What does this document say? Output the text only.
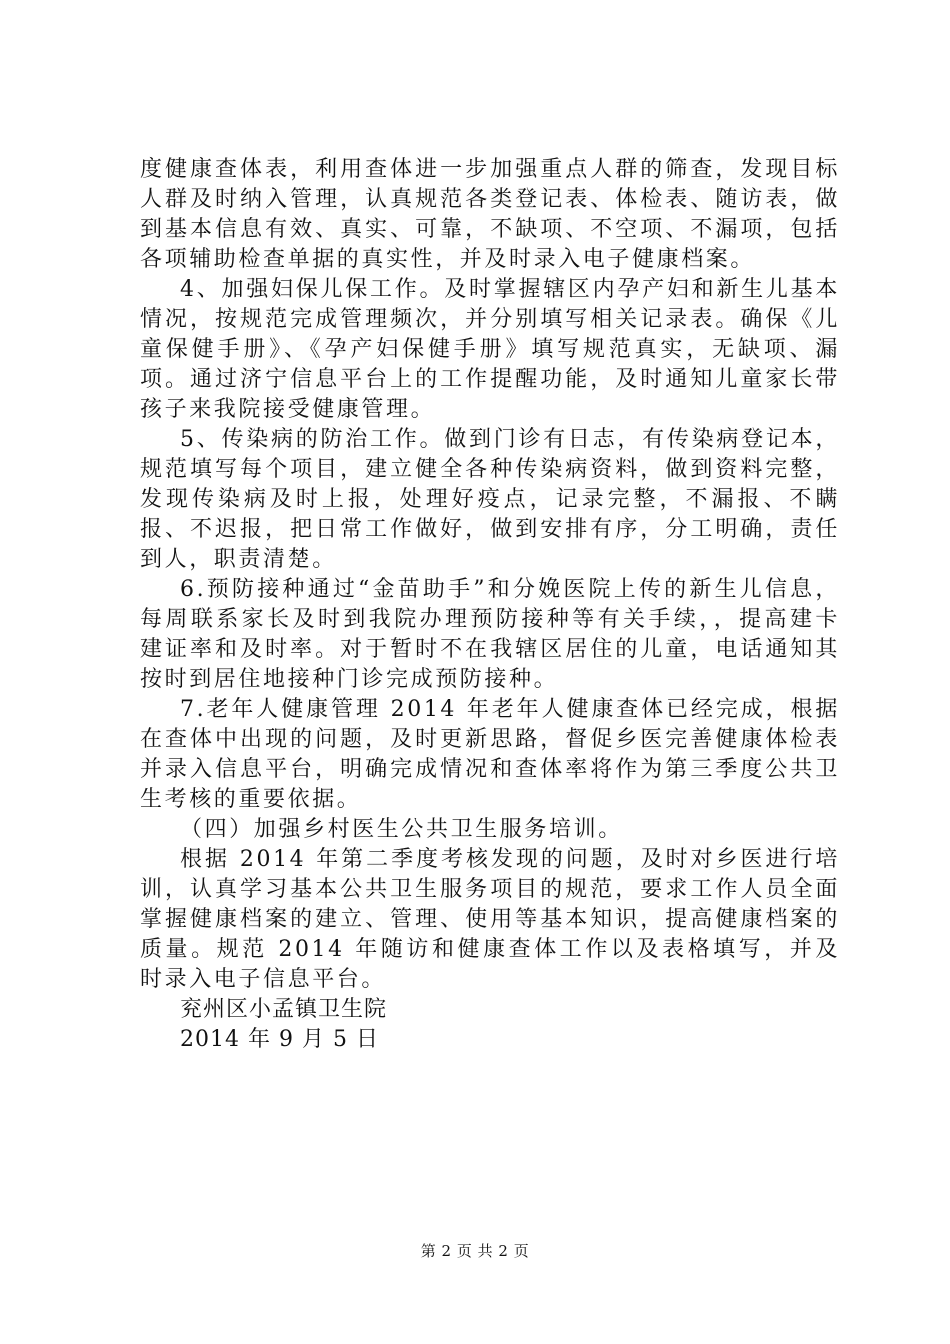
度健康查体表，利用查体进一步加强重点人群的筛查，发现目标人群及时纳入管理，认真规范各类登记表、体检表、随访表，做到基本信息有效、真实、可靠，不缺项、不空项、不漏项，包括各项辅助检查单据的真实性，并及时录入电子健康档案。

4、加强妇保儿保工作。及时掌握辖区内孕产妇和新生儿基本情况，按规范完成管理频次，并分别填写相关记录表。确保《儿童保健手册》、《孕产妇保健手册》填写规范真实，无缺项、漏项。通过济宁信息平台上的工作提醒功能，及时通知儿童家长带孩子来我院接受健康管理。

5、传染病的防治工作。做到门诊有日志，有传染病登记本，规范填写每个项目，建立健全各种传染病资料，做到资料完整，发现传染病及时上报，处理好疫点，记录完整，不漏报、不瞒报、不迟报，把日常工作做好，做到安排有序，分工明确，责任到人，职责清楚。

6.预防接种通过“金苗助手”和分娩医院上传的新生儿信息，每周联系家长及时到我院办理预防接种等有关手续，，提高建卡建证率和及时率。对于暂时不在我辖区居住的儿童，电话通知其按时到居住地接种门诊完成预防接种。

7.老年人健康管理 2014 年老年人健康查体已经完成，根据在查体中出现的问题，及时更新思路，督促乡医完善健康体检表并录入信息平台，明确完成情况和查体率将作为第三季度公共卫生考核的重要依据。

（四）加强乡村医生公共卫生服务培训。

根据 2014 年第二季度考核发现的问题，及时对乡医进行培训，认真学习基本公共卫生服务项目的规范，要求工作人员全面掌握健康档案的建立、管理、使用等基本知识，提高健康档案的质量。规范 2014 年随访和健康查体工作以及表格填写，并及时录入电子信息平台。

兖州区小孟镇卫生院

2014 年 9 月 5 日

第 2 页 共 2 页
